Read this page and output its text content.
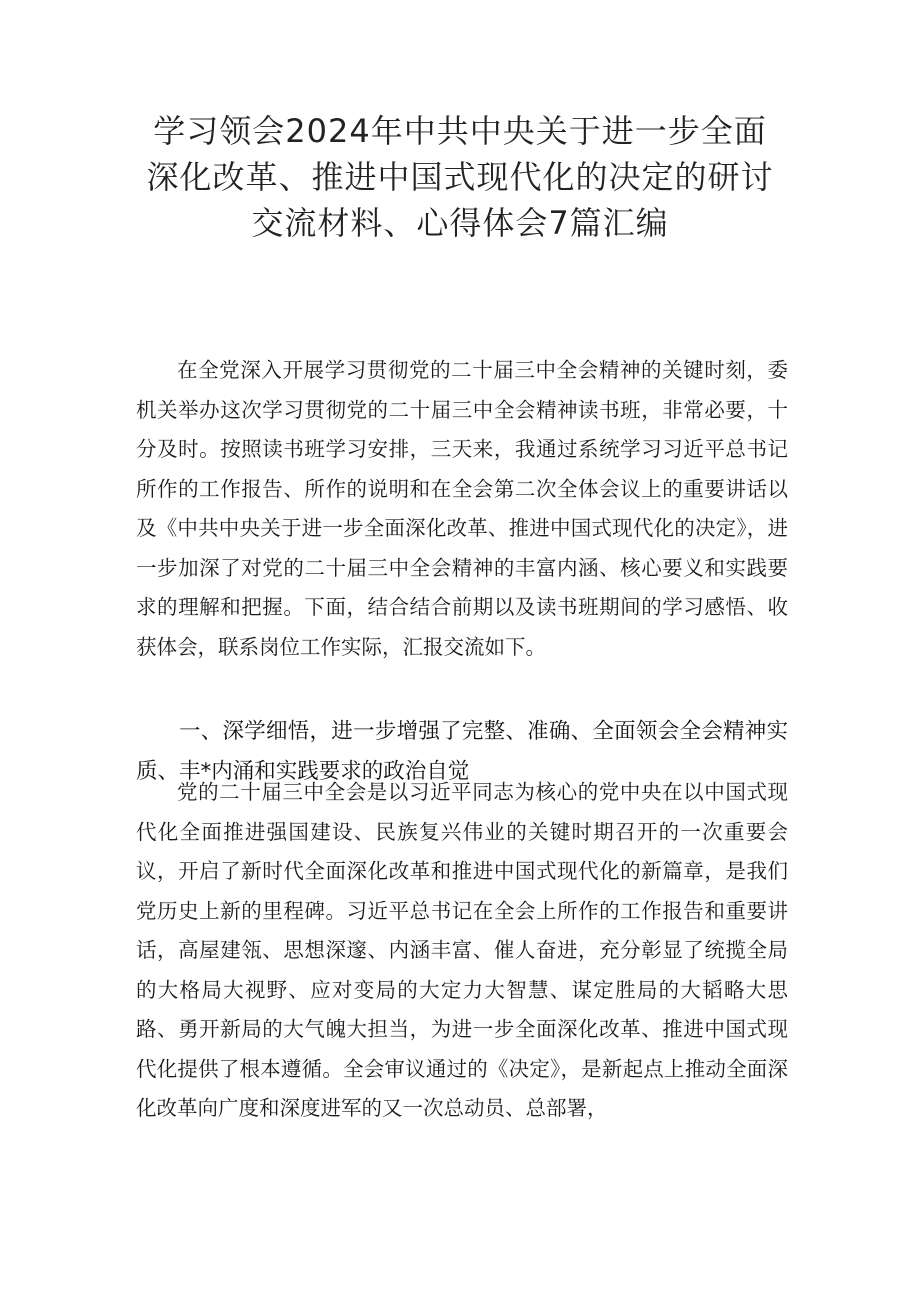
学习领会2024年中共中央关于进一步全面
深化改革、推进中国式现代化的决定的研讨
交流材料、心得体会7篇汇编

在全党深入开展学习贯彻党的二十届三中全会精神的关键时刻，委机关举办这次学习贯彻党的二十届三中全会精神读书班，非常必要，十分及时。按照读书班学习安排，三天来，我通过系统学习习近平总书记所作的工作报告、所作的说明和在全会第二次全体会议上的重要讲话以及《中共中央关于进一步全面深化改革、推进中国式现代化的决定》，进一步加深了对党的二十届三中全会精神的丰富内涵、核心要义和实践要求的理解和把握。下面，结合结合前期以及读书班期间的学习感悟、收获体会，联系岗位工作实际，汇报交流如下。

一、深学细悟，进一步增强了完整、准确、全面领会全会精神实质、丰*内涌和实践要求的政治自觉

党的二十届三中全会是以习近平同志为核心的党中央在以中国式现代化全面推进强国建设、民族复兴伟业的关键时期召开的一次重要会议，开启了新时代全面深化改革和推进中国式现代化的新篇章，是我们党历史上新的里程碑。习近平总书记在全会上所作的工作报告和重要讲话，高屋建瓴、思想深邃、内涵丰富、催人奋进，充分彰显了统揽全局的大格局大视野、应对变局的大定力大智慧、谋定胜局的大韬略大思路、勇开新局的大气魄大担当，为进一步全面深化改革、推进中国式现代化提供了根本遵循。全会审议通过的《决定》，是新起点上推动全面深化改革向广度和深度进军的又一次总动员、总部署，
